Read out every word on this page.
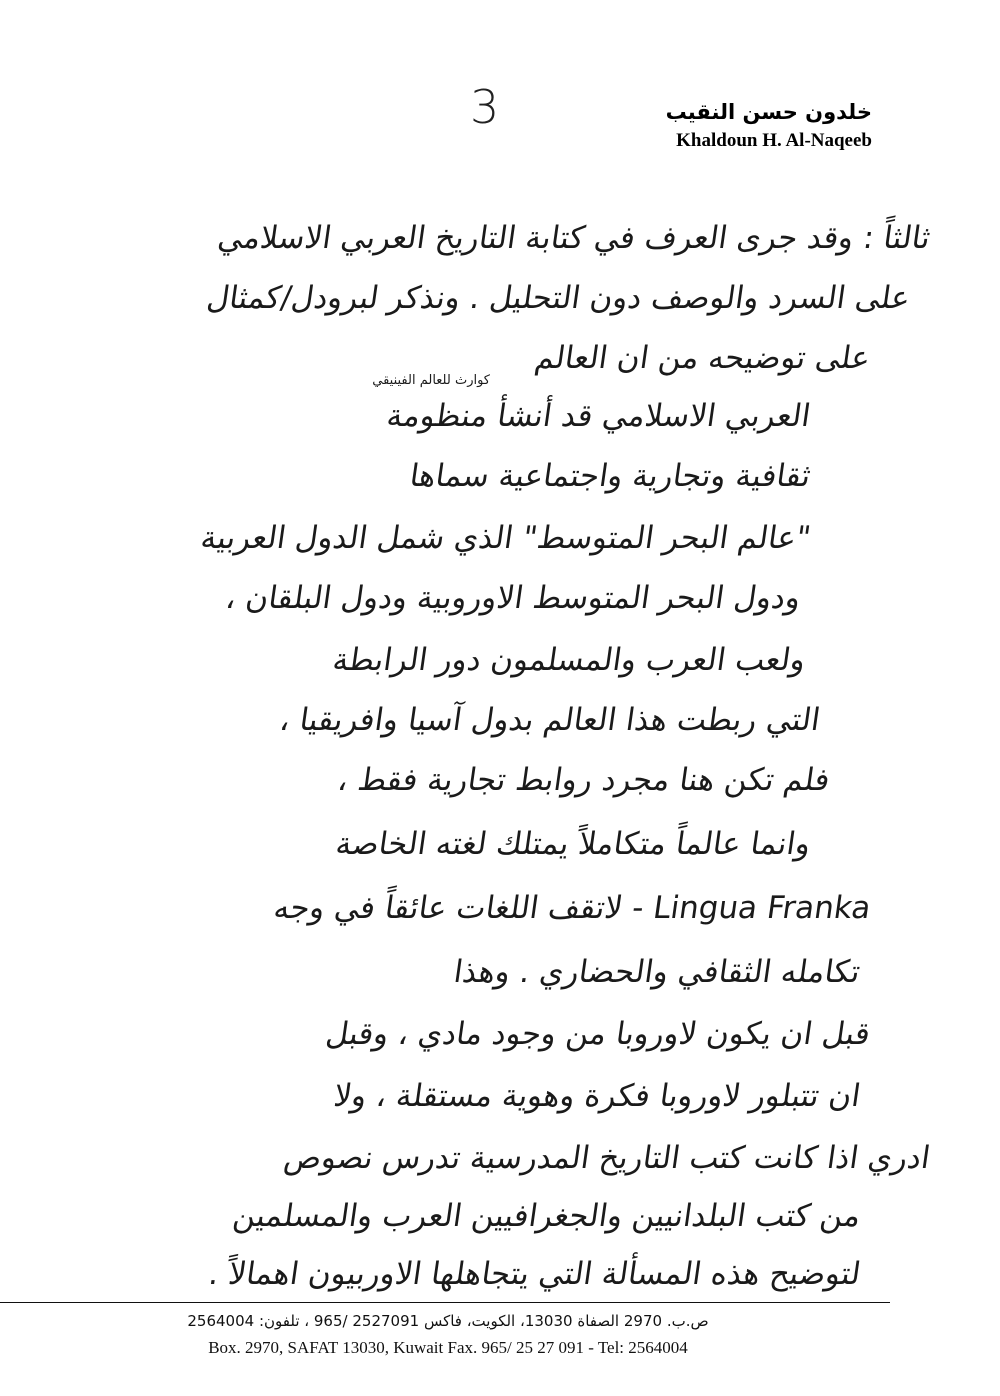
3	خلدون حسن النقيب
Khaldoun H. Al-Naqeeb
ثالثاً : وقد جرى العرف في كتابة التاريخ العربي الاسلامي
على السرد والوصف دون التحليل . ونذكر لبرودل/كمثال
على توضيحه من ان العالم
كوارث للعالم الفينيقي
العربي الاسلامي قد أنشأ منظومة
ثقافية وتجارية واجتماعية سماها
"عالم البحر المتوسط" الذي شمل الدول العربية
ودول البحر المتوسط الاوروبية ودول البلقان ،
ولعب العرب والمسلمون دور الرابطة
التي ربطت هذا العالم بدول آسيا وافريقيا ،
فلم تكن هنا مجرد روابط تجارية فقط ،
وانما عالماً متكاملاً يمتلك لغته الخاصة
Lingua Franka - لاتقف اللغات عائقاً في وجه
تكامله الثقافي والحضاري . وهذا
قبل ان يكون لاوروبا من وجود مادي ، وقبل
ان تتبلور لاوروبا فكرة وهوية مستقلة ، ولا
ادري اذا كانت كتب التاريخ المدرسية تدرس نصوص
من كتب البلدانيين والجغرافيين العرب والمسلمين
لتوضيح هذه المسألة التي يتجاهلها الاوربيون اهمالاً .
ص.ب. 2970 الصفاة 13030، الكويت، فاكس 2527091 /965 ، تلفون: 2564004
Box. 2970, SAFAT 13030, Kuwait Fax. 965/ 25 27 091 - Tel: 2564004
